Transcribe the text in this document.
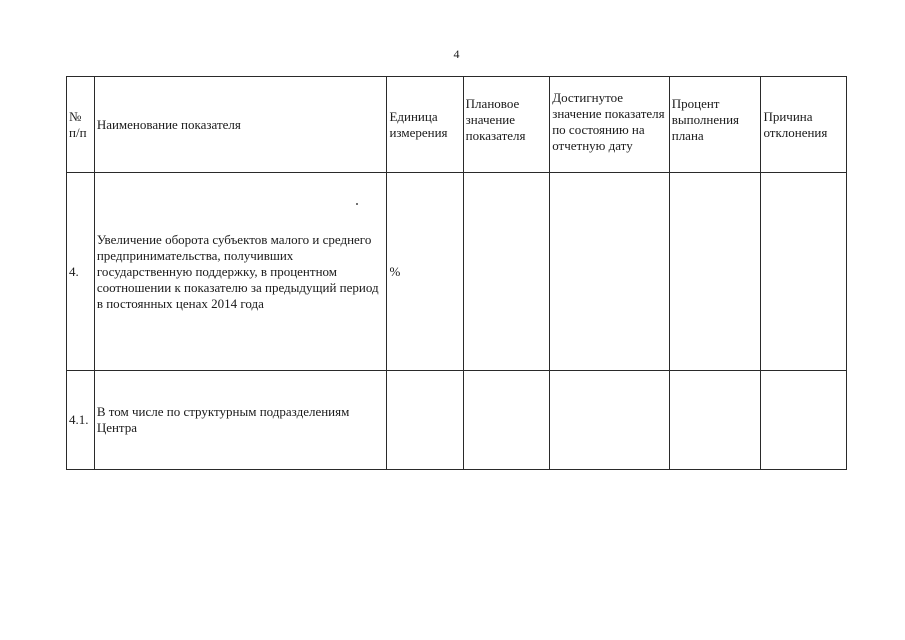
4
№ п/п	Наименование показателя	Единица измерения	Плановое значение показателя	Достигнутое значение показателя по состоянию на отчетную дату	Процент выполнения плана	Причина отклонения

4.	Увеличение оборота субъектов малого и среднего предпринимательства, получивших государственную поддержку, в процентном соотношении к показателю за предыдущий период в постоянных ценах 2014 года	%				
4.1.	В том числе по структурным подразделениям Центра					
